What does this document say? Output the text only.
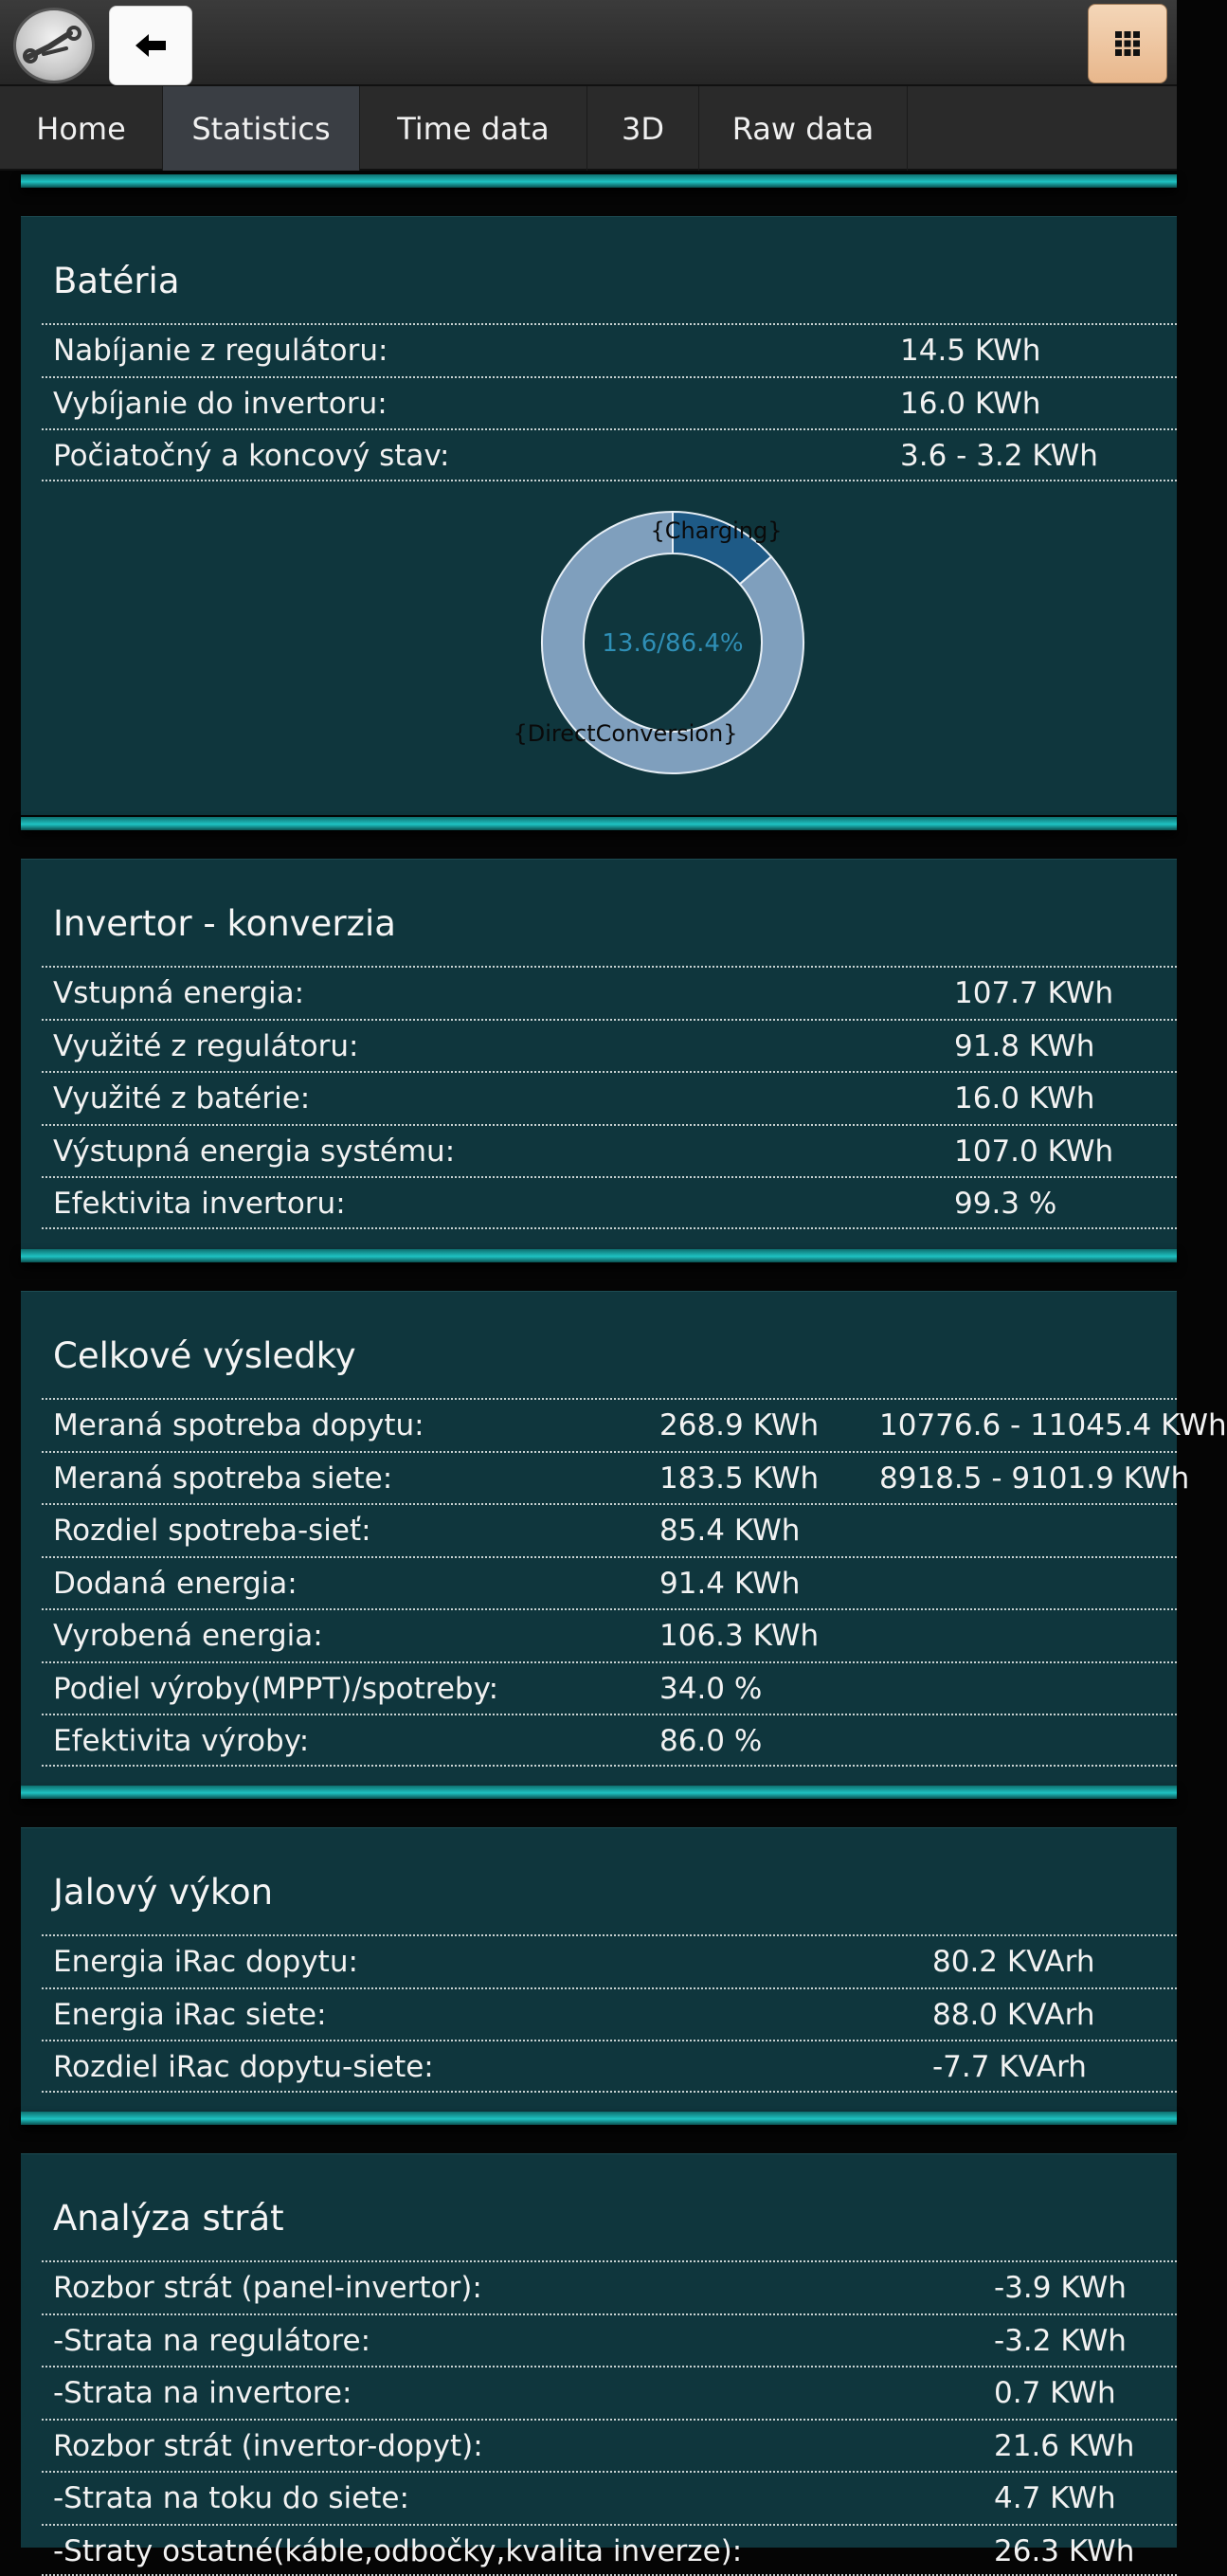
Home	Statistics	Time data	3D	Raw data
Batéria
Nabíjanie z regulátoru:	14.5 KWh
Vybíjanie do invertoru:	16.0 KWh
Počiatočný a koncový stav:	3.6 - 3.2 KWh
13.6/86.4%
{Charging}
{DirectConversion}
Invertor - konverzia
Vstupná energia:	107.7 KWh
Využité z regulátoru:	91.8 KWh
Využité z batérie:	16.0 KWh
Výstupná energia systému:	107.0 KWh
Efektivita invertoru:	99.3 %
Celkové výsledky
Meraná spotreba dopytu:	268.9 KWh 10776.6 - 11045.4 KWh
Meraná spotreba siete:	183.5 KWh 8918.5 - 9101.9 KWh
Rozdiel spotreba-sieť:	85.4 KWh
Dodaná energia:	91.4 KWh
Vyrobená energia:	106.3 KWh
Podiel výroby(MPPT)/spotreby:	34.0 %
Efektivita výroby:	86.0 %
Jalový výkon
Energia iRac dopytu:	80.2 KVArh
Energia iRac siete:	88.0 KVArh
Rozdiel iRac dopytu-siete:	-7.7 KVArh
Analýza strát
Rozbor strát (panel-invertor):	-3.9 KWh
-Strata na regulátore:	-3.2 KWh
-Strata na invertore:	0.7 KWh
Rozbor strát (invertor-dopyt):	21.6 KWh
-Strata na toku do siete:	4.7 KWh
-Straty ostatné(káble,odbočky,kvalita inverze):	26.3 KWh
